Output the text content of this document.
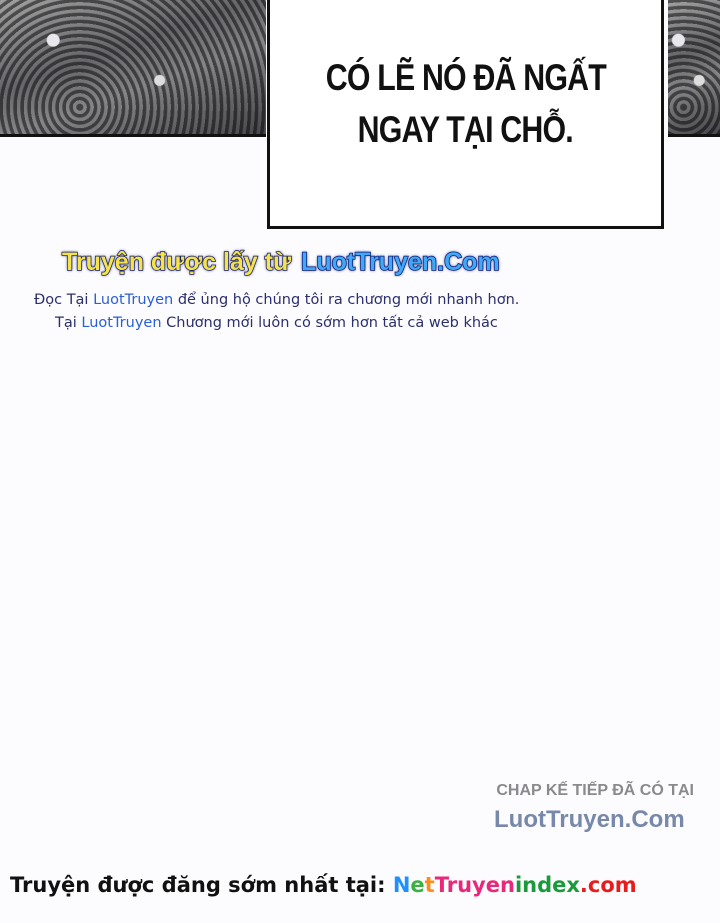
CÓ LẼ NÓ ĐÃ NGẤT
NGAY TẠI CHỖ.
Truyện được lấy từ LuotTruyen.Com
Đọc Tại LuotTruyen để ủng hộ chúng tôi ra chương mới nhanh hơn.
Tại LuotTruyen Chương mới luôn có sớm hơn tất cả web khác
CHAP KẾ TIẾP ĐÃ CÓ TẠI
LuotTruyen.Com
Truyện được đăng sớm nhất tại: NetTruyenindex.com
